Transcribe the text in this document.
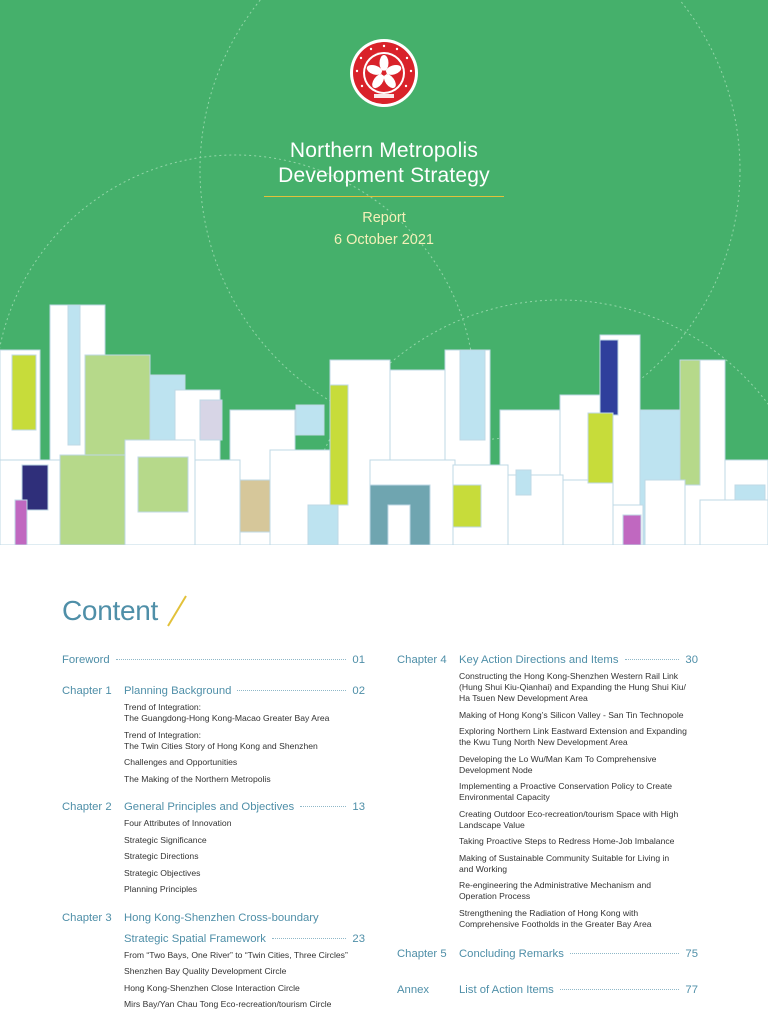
Northern Metropolis
Development Strategy
Report
6 October 2021
Content
Foreword	01
Chapter 1	Planning Background	02
Trend of Integration:
The Guangdong-Hong Kong-Macao Greater Bay Area
Trend of Integration:
The Twin Cities Story of Hong Kong and Shenzhen
Challenges and Opportunities
The Making of the Northern Metropolis
Chapter 2	General Principles and Objectives	13
Four Attributes of Innovation
Strategic Significance
Strategic Directions
Strategic Objectives
Planning Principles
Chapter 3	Hong Kong-Shenzhen Cross-boundary
Strategic Spatial Framework	23
From “Two Bays, One River” to “Twin Cities, Three Circles”
Shenzhen Bay Quality Development Circle
Hong Kong-Shenzhen Close Interaction Circle
Mirs Bay/Yan Chau Tong Eco-recreation/tourism Circle
Chapter 4	Key Action Directions and Items	30
Constructing the Hong Kong-Shenzhen Western Rail Link
(Hung Shui Kiu-Qianhai) and Expanding the Hung Shui Kiu/
Ha Tsuen New Development Area
Making of Hong Kong’s Silicon Valley - San Tin Technopole
Exploring Northern Link Eastward Extension and Expanding
the Kwu Tung North New Development Area
Developing the Lo Wu/Man Kam To Comprehensive
Development Node
Implementing a Proactive Conservation Policy to Create
Environmental Capacity
Creating Outdoor Eco-recreation/tourism Space with High
Landscape Value
Taking Proactive Steps to Redress Home-Job Imbalance
Making of Sustainable Community Suitable for Living in
and Working
Re-engineering the Administrative Mechanism and
Operation Process
Strengthening the Radiation of Hong Kong with
Comprehensive Footholds in the Greater Bay Area
Chapter 5	Concluding Remarks	75
Annex	List of Action Items	77
